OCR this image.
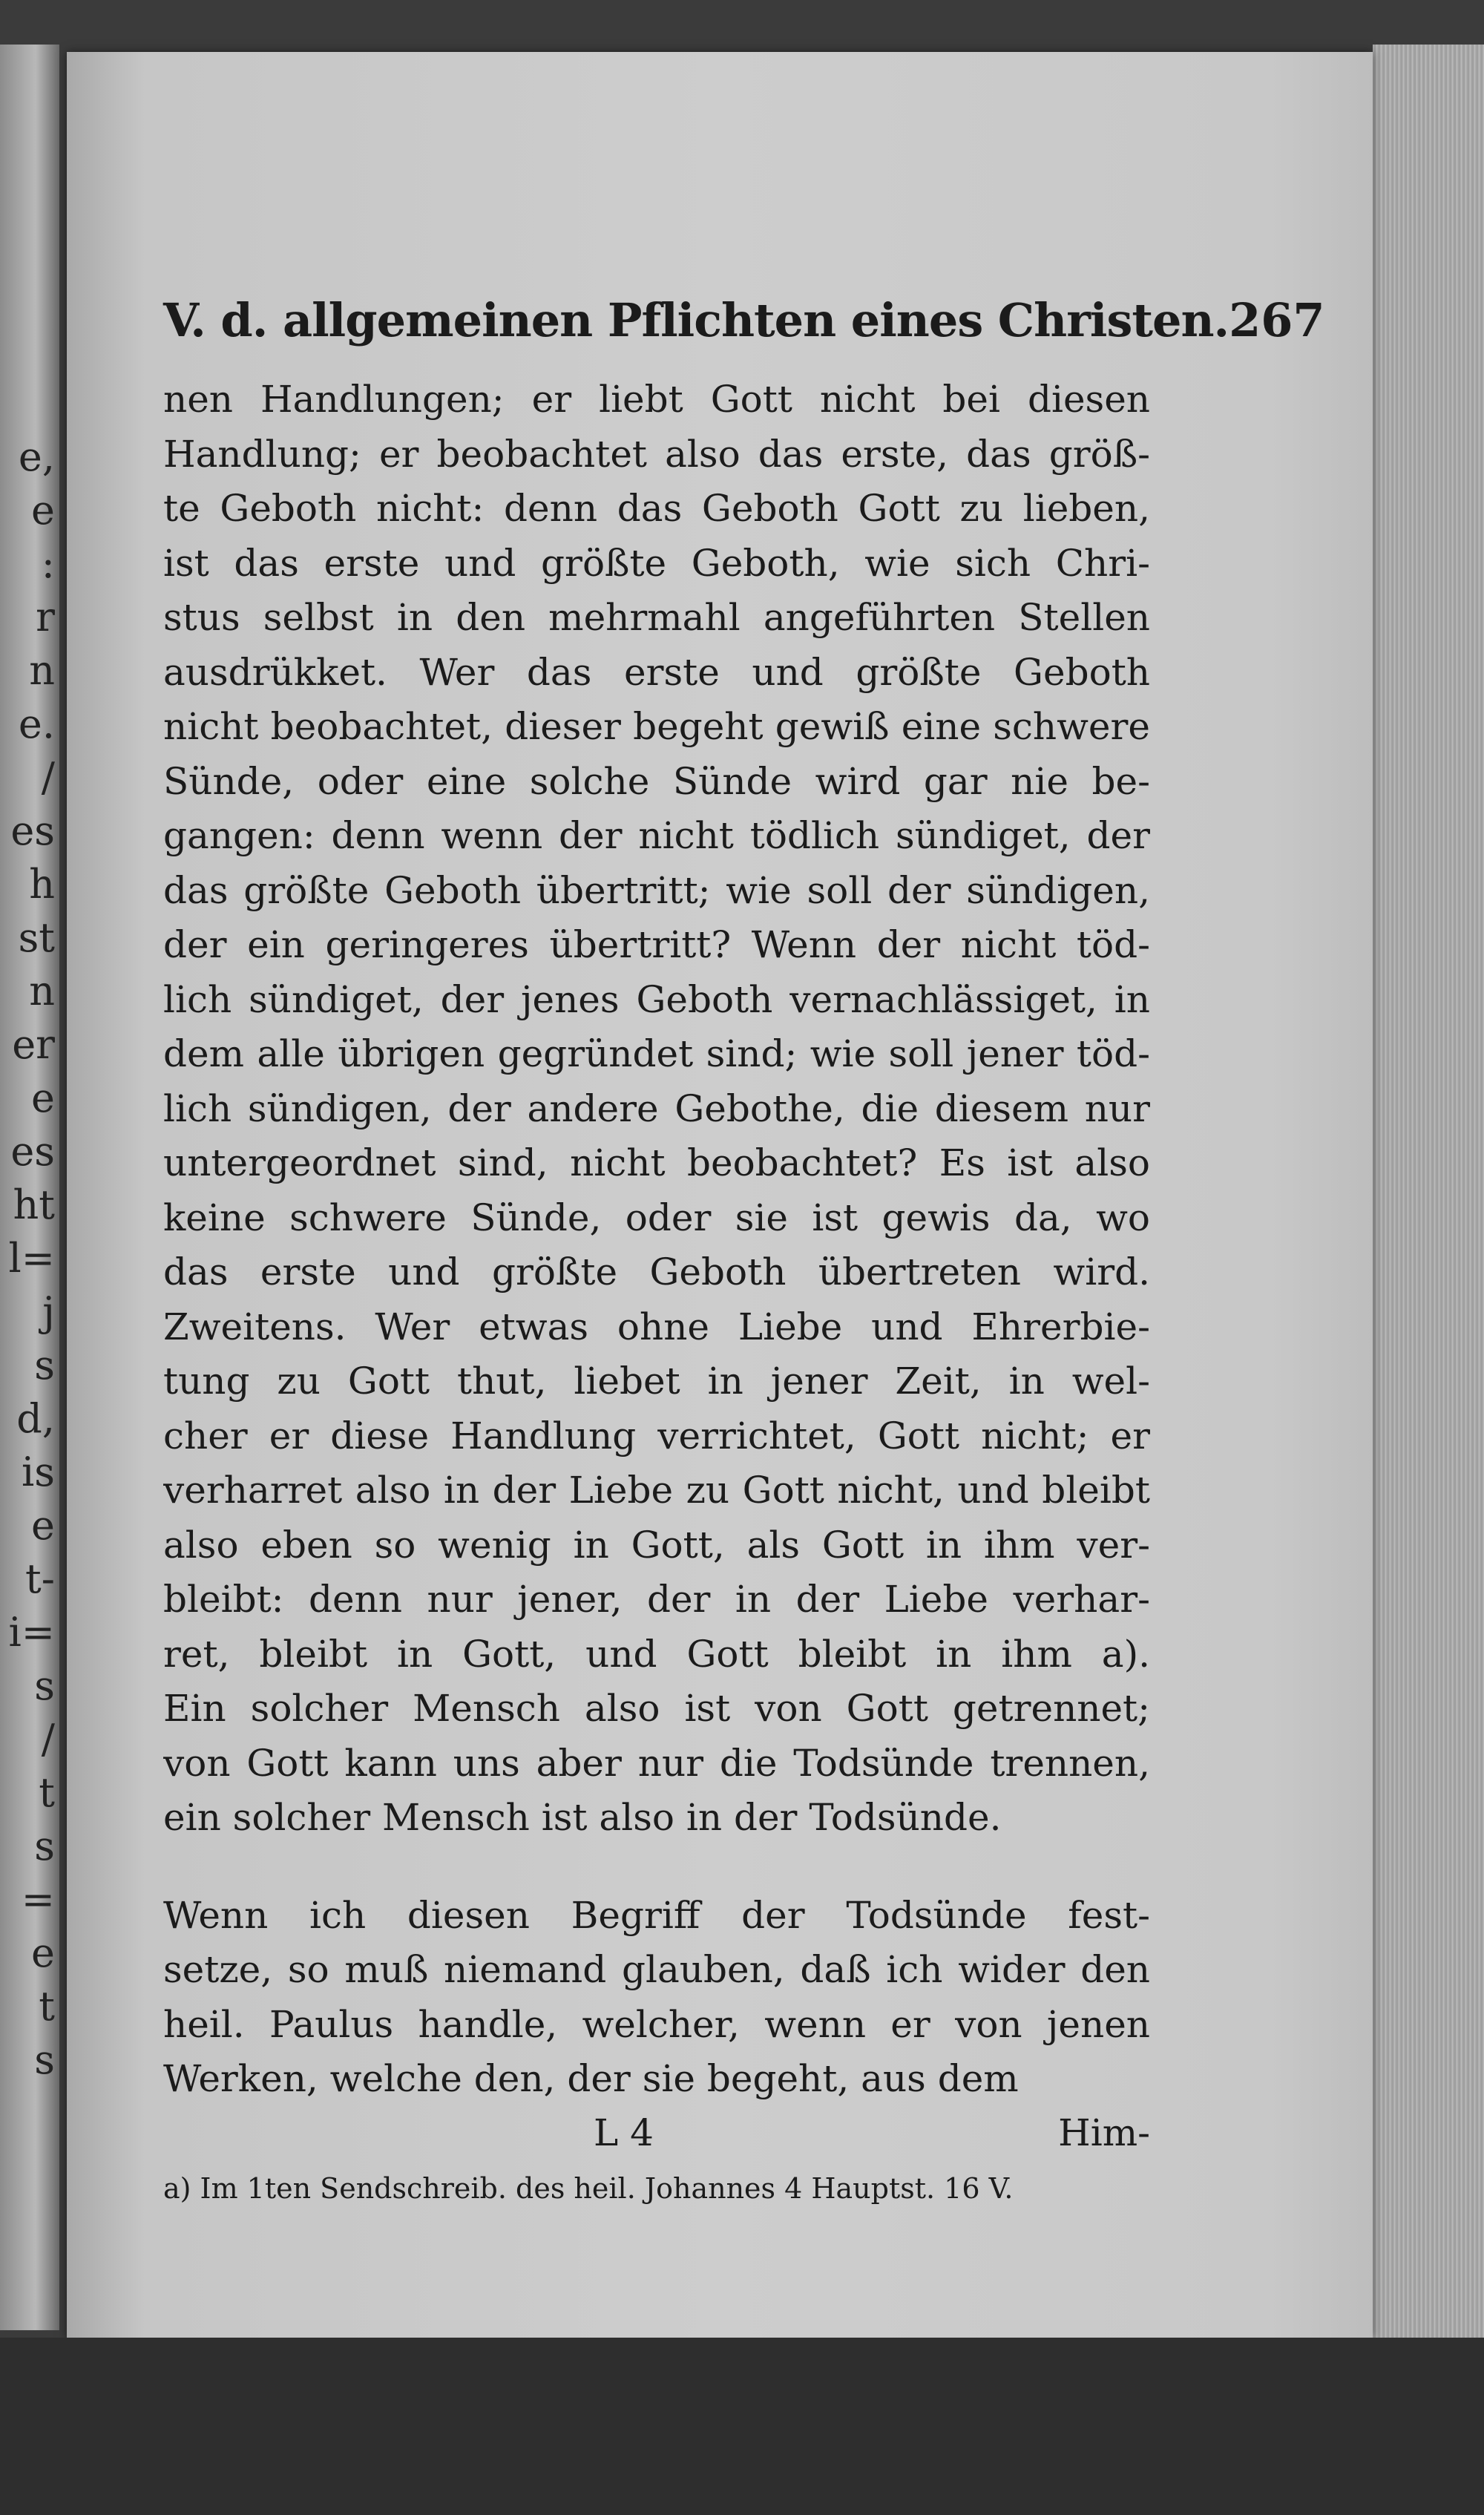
e,
e
:
r
n
e.
/
es
h
st
n
er
e
es
ht
l=
j
s
d,
is
e
t-
i=
s
/
t
s
=
e
t
s
V. d. allgemeinen Pflichten eines Christen. 267
nen Handlungen; er liebt Gott nicht bei diesen
Handlung; er beobachtet also das erste, das größ-
te Geboth nicht: denn das Geboth Gott zu lieben,
ist das erste und größte Geboth, wie sich Chri-
stus selbst in den mehrmahl angeführten Stellen
ausdrükket. Wer das erste und größte Geboth
nicht beobachtet, dieser begeht gewiß eine schwere
Sünde, oder eine solche Sünde wird gar nie be-
gangen: denn wenn der nicht tödlich sündiget, der
das größte Geboth übertritt; wie soll der sündigen,
der ein geringeres übertritt? Wenn der nicht töd-
lich sündiget, der jenes Geboth vernachlässiget, in
dem alle übrigen gegründet sind; wie soll jener töd-
lich sündigen, der andere Gebothe, die diesem nur
untergeordnet sind, nicht beobachtet? Es ist also
keine schwere Sünde, oder sie ist gewis da, wo
das erste und größte Geboth übertreten wird.
Zweitens. Wer etwas ohne Liebe und Ehrerbie-
tung zu Gott thut, liebet in jener Zeit, in wel-
cher er diese Handlung verrichtet, Gott nicht; er
verharret also in der Liebe zu Gott nicht, und bleibt
also eben so wenig in Gott, als Gott in ihm ver-
bleibt: denn nur jener, der in der Liebe verhar-
ret, bleibt in Gott, und Gott bleibt in ihm a).
Ein solcher Mensch also ist von Gott getrennet;
von Gott kann uns aber nur die Todsünde trennen,
ein solcher Mensch ist also in der Todsünde.
Wenn ich diesen Begriff der Todsünde fest-
setze, so muß niemand glauben, daß ich wider den
heil. Paulus handle, welcher, wenn er von jenen
Werken, welche den, der sie begeht, aus dem
L 4	Him-
a) Im 1ten Sendschreib. des heil. Johannes 4 Hauptst. 16 V.
